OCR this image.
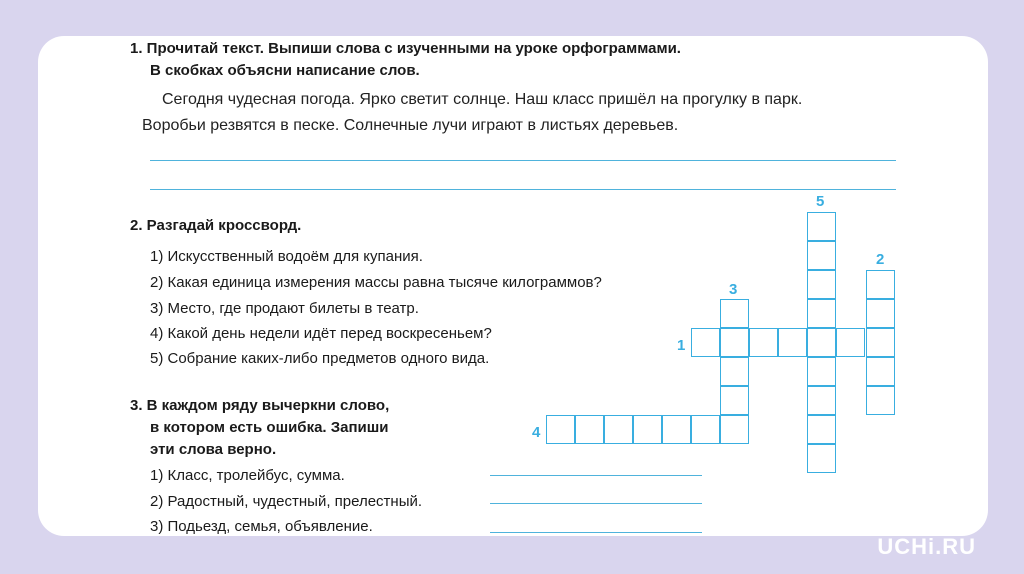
1. Прочитай текст. Выпиши слова с изученными на уроке орфограммами.
В скобках объясни написание слов.
Сегодня чудесная погода. Ярко светит солнце. Наш класс пришёл на прогулку в парк.
Воробьи резвятся в песке. Солнечные лучи играют в листьях деревьев.
2. Разгадай кроссворд.
1) Искусственный водоём для купания.
2) Какая единица измерения массы равна тысяче килограммов?
3) Место, где продают билеты в театр.
4) Какой день недели идёт перед воскресеньем?
5) Собрание каких-либо предметов одного вида.
3. В каждом ряду вычеркни слово,
в котором есть ошибка. Запиши
эти слова верно.
1) Класс, тролейбус, сумма.
2) Радостный, чудестный, прелестный.
3) Подьезд, семья, объявление.
5
2
3
1
4
UCHi.RU
